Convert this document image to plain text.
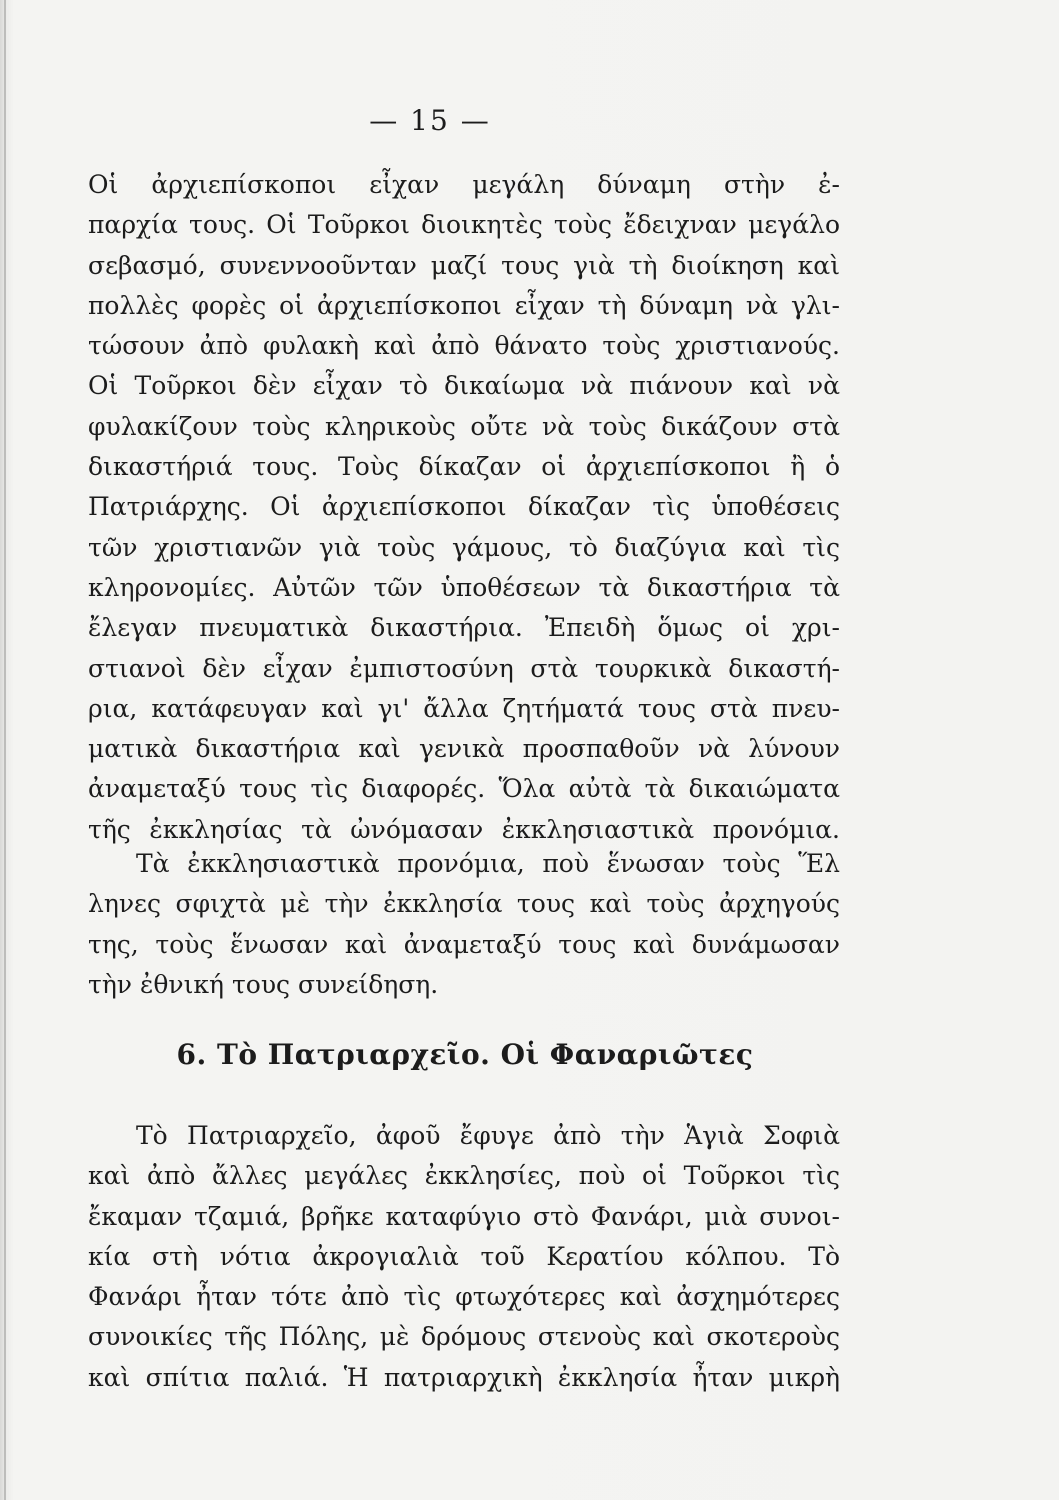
— 15 —
Οἱ ἀρχιεπίσκοποι εἶχαν μεγάλη δύναμη στὴν ἐ-
παρχία τους. Οἱ Τοῦρκοι διοικητὲς τοὺς ἔδειχναν μεγάλο
σεβασμό, συνεννοοῦνταν μαζί τους γιὰ τὴ διοίκηση καὶ
πολλὲς φορὲς οἱ ἀρχιεπίσκοποι εἶχαν τὴ δύναμη νὰ γλι-
τώσουν ἀπὸ φυλακὴ καὶ ἀπὸ θάνατο τοὺς χριστιανούς.
Οἱ Τοῦρκοι δὲν εἶχαν τὸ δικαίωμα νὰ πιάνουν καὶ νὰ
φυλακίζουν τοὺς κληρικοὺς οὔτε νὰ τοὺς δικάζουν στὰ
δικαστήριά τους. Τοὺς δίκαζαν οἱ ἀρχιεπίσκοποι ἢ ὁ
Πατριάρχης. Οἱ ἀρχιεπίσκοποι δίκαζαν τὶς ὑποθέσεις
τῶν χριστιανῶν γιὰ τοὺς γάμους, τὸ διαζύγια καὶ τὶς
κληρονομίες. Αὐτῶν τῶν ὑποθέσεων τὰ δικαστήρια τὰ
ἔλεγαν πνευματικὰ δικαστήρια. Ἐπειδὴ ὅμως οἱ χρι-
στιανοὶ δὲν εἶχαν ἐμπιστοσύνη στὰ τουρκικὰ δικαστή-
ρια, κατάφευγαν καὶ γι' ἄλλα ζητήματά τους στὰ πνευ-
ματικὰ δικαστήρια καὶ γενικὰ προσπαθοῦν νὰ λύνουν
ἀναμεταξύ τους τὶς διαφορές. Ὅλα αὐτὰ τὰ δικαιώματα
τῆς ἐκκλησίας τὰ ὠνόμασαν ἐκκλησιαστικὰ προνόμια.
Τὰ ἐκκλησιαστικὰ προνόμια, ποὺ ἕνωσαν τοὺς Ἕλ
ληνες σφιχτὰ μὲ τὴν ἐκκλησία τους καὶ τοὺς ἀρχηγούς
της, τοὺς ἕνωσαν καὶ ἀναμεταξύ τους καὶ δυνάμωσαν
τὴν ἐθνική τους συνείδηση.
6. Τὸ Πατριαρχεῖο. Οἱ Φαναριῶτες
Τὸ Πατριαρχεῖο, ἀφοῦ ἔφυγε ἀπὸ τὴν Ἁγιὰ Σοφιὰ
καὶ ἀπὸ ἄλλες μεγάλες ἐκκλησίες, ποὺ οἱ Τοῦρκοι τὶς
ἔκαμαν τζαμιά, βρῆκε καταφύγιο στὸ Φανάρι, μιὰ συνοι-
κία στὴ νότια ἀκρογιαλιὰ τοῦ Κερατίου κόλπου. Τὸ
Φανάρι ἦταν τότε ἀπὸ τὶς φτωχότερες καὶ ἀσχημότερες
συνοικίες τῆς Πόλης, μὲ δρόμους στενοὺς καὶ σκοτεροὺς
καὶ σπίτια παλιά. Ἡ πατριαρχικὴ ἐκκλησία ἦταν μικρὴ
